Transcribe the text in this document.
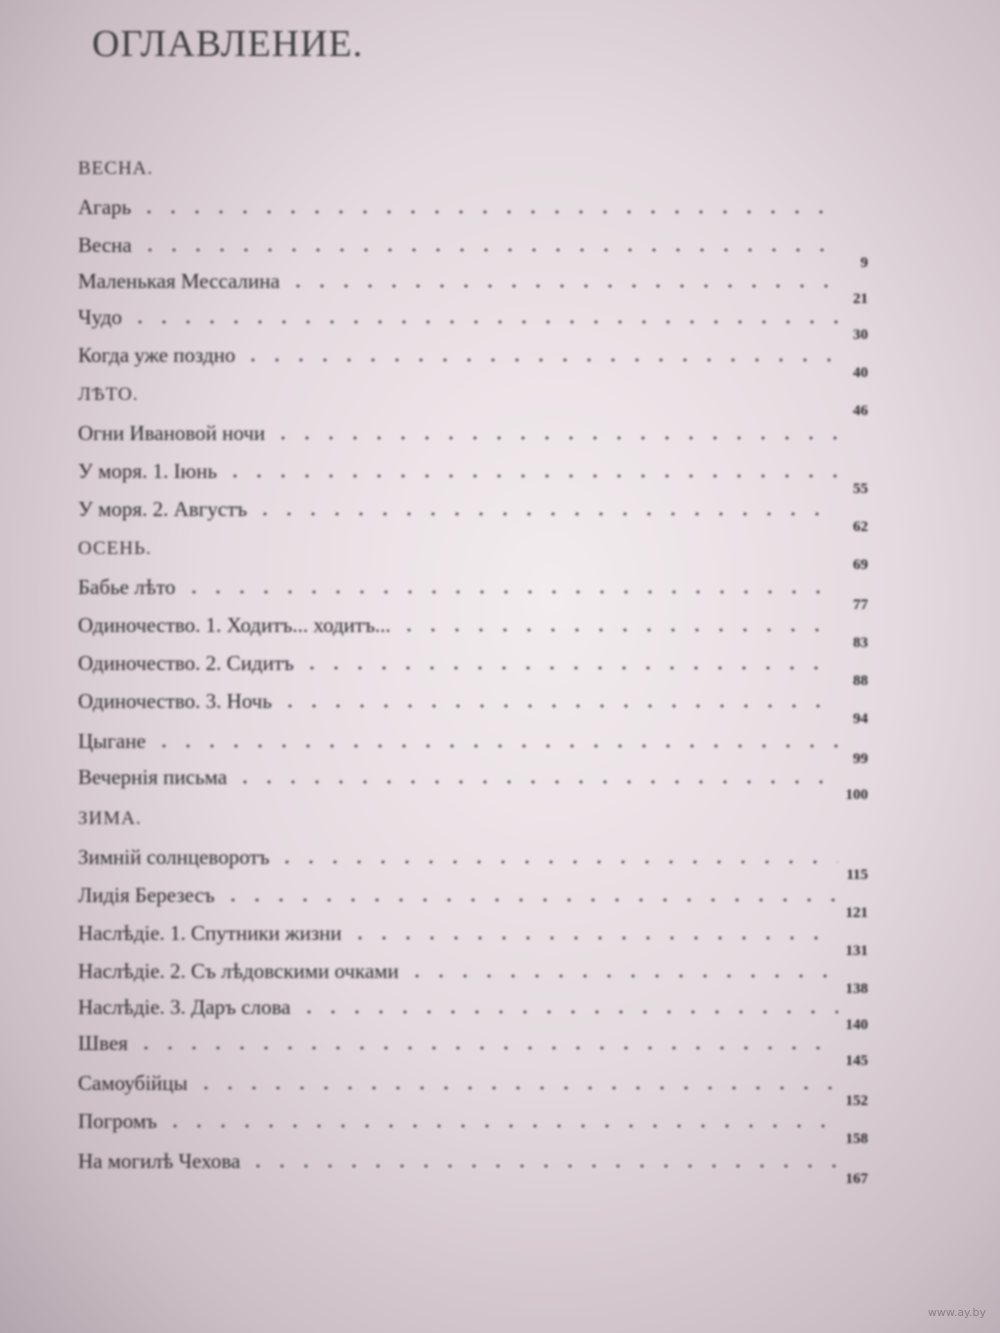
ОГЛАВЛЕНИЕ.
ВЕСНА.
Агарь
Весна
9
Маленькая Мессалина
21
Чудо
30
Когда уже поздно
40
ЛѢТО.
46
Огни Ивановой ночи
У моря. 1. Іюнь
55
У моря. 2. Августъ
62
ОСЕНЬ.
69
Бабье лѣто
77
Одиночество. 1. Ходитъ... ходитъ...
83
Одиночество. 2. Сидитъ
88
Одиночество. 3. Ночь
94
Цыгане
99
Вечернія письма
100
ЗИМА.
Зимній солнцеворотъ
115
Лидія Березесъ
121
Наслѣдіе. 1. Спутники жизни
131
Наслѣдіе. 2. Съ лѣдовскими очками
138
Наслѣдіе. 3. Даръ слова
140
Швея
145
Самоубійцы
152
Погромъ
158
На могилѣ Чехова
167
www.ay.by
